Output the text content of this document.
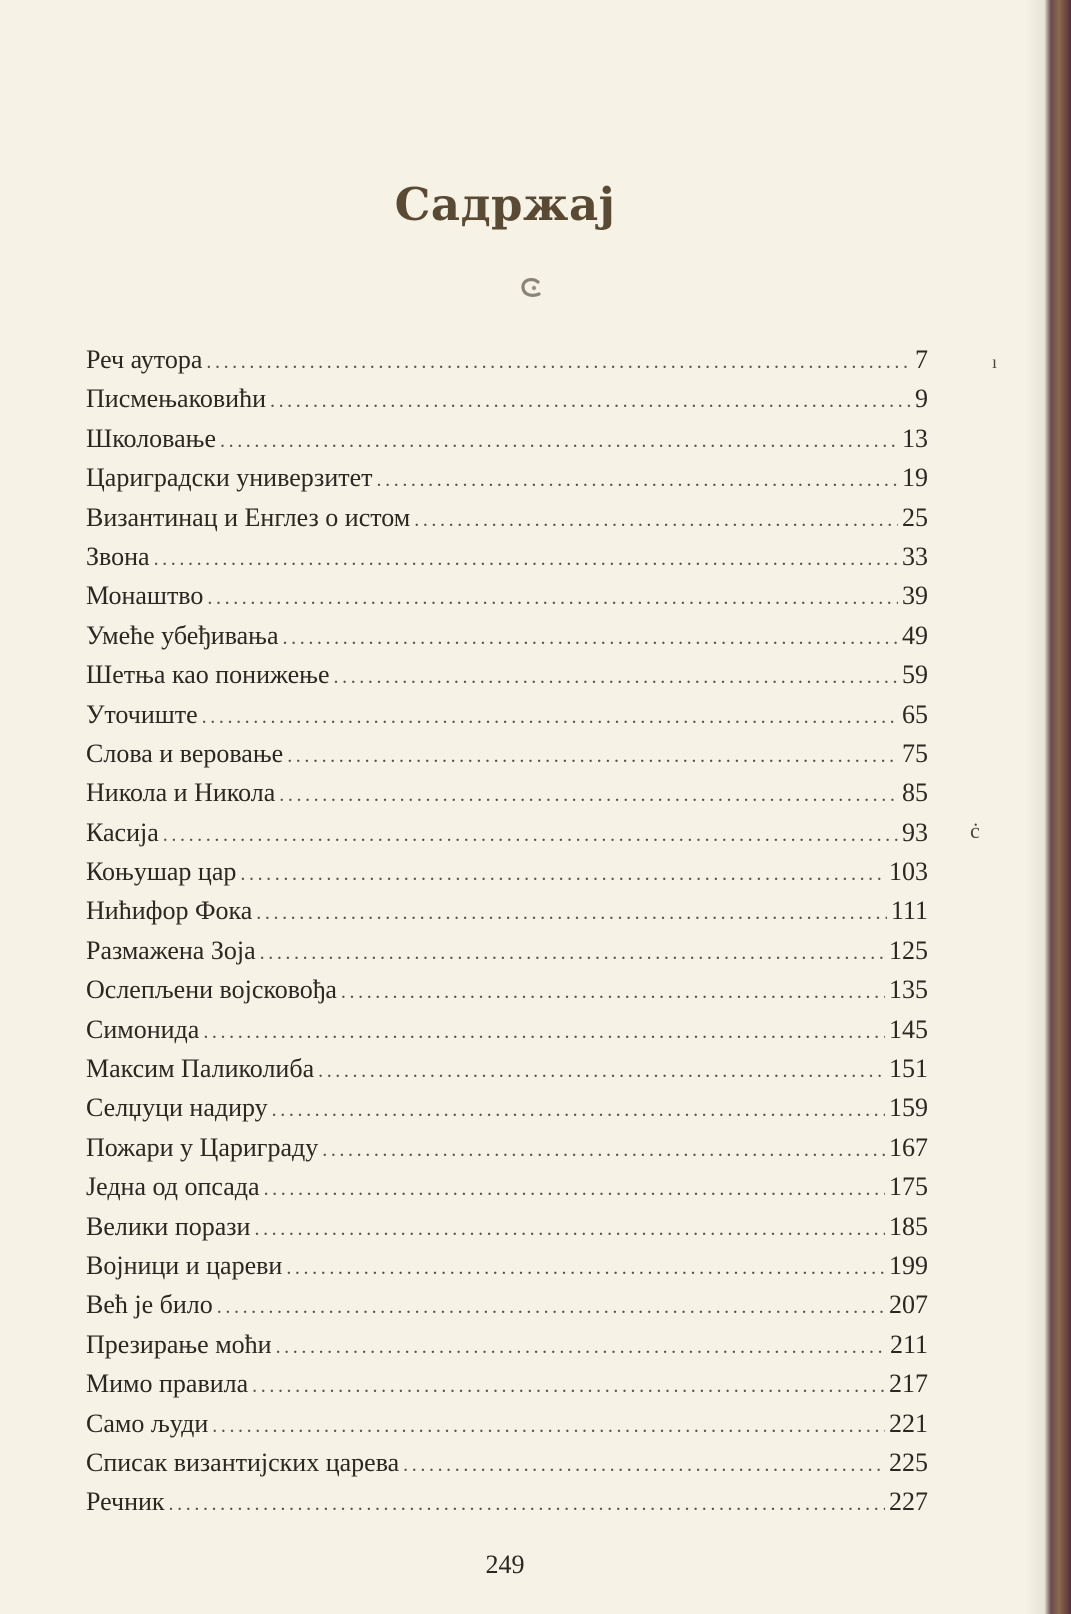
Садржај
Реч аутора .....	7
Писмењаковићи .....	9
Школовање .....	13
Цариградски универзитет .....	19
Византинац и Енглез о истом .....	25
Звона .....	33
Монаштво .....	39
Умеће убеђивања .....	49
Шетња као понижење .....	59
Уточиште .....	65
Слова и веровање .....	75
Никола и Никола .....	85
Касија .....	93
Коњушар цар .....	103
Нићифор Фока .....	111
Размажена Зоја .....	125
Ослепљени војсковођа .....	135
Симонида .....	145
Максим Паликолиба .....	151
Селџуци надиру .....	159
Пожари у Цариграду .....	167
Једна од опсада .....	175
Велики порази .....	185
Војници и цареви .....	199
Већ је било .....	207
Презирање моћи .....	211
Мимо правила .....	217
Само људи .....	221
Списак византијских царева .....	225
Речник .....	227
249
ı
ċ
